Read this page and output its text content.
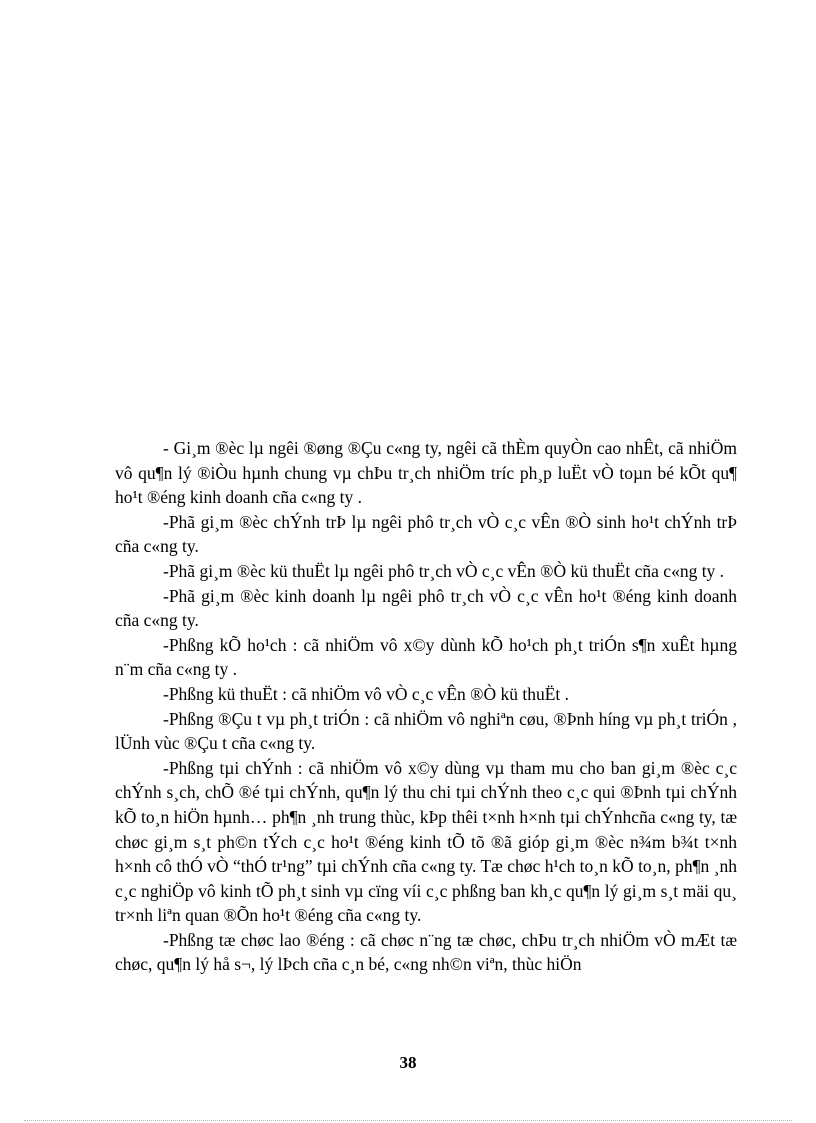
- Gi¸m ®èc lµ ngêi ®øng ®Çu c«ng ty, ngêi cã thÈm quyÒn cao nhÊt, cã nhiÖm vô qu¶n lý ®iÒu hµnh chung vµ chÞu tr¸ch nhiÖm tríc ph¸p luËt vÒ toµn bé kÕt qu¶ ho¹t ®éng kinh doanh cña c«ng ty .

-Phã gi¸m ®èc chÝnh trÞ lµ ngêi phô tr¸ch vÒ c¸c vÊn ®Ò sinh ho¹t chÝnh trÞ cña c«ng ty.

-Phã gi¸m ®èc kü thuËt lµ ngêi phô tr¸ch vÒ c¸c vÊn ®Ò kü thuËt cña c«ng ty .

-Phã gi¸m ®èc kinh doanh lµ ngêi phô tr¸ch vÒ c¸c vÊn ho¹t ®éng kinh doanh cña c«ng ty.

-Phßng kÕ ho¹ch : cã nhiÖm vô x©y dùnh kÕ ho¹ch ph¸t triÓn s¶n xuÊt hµng n¨m cña c«ng ty .

-Phßng kü thuËt : cã nhiÖm vô vÒ c¸c vÊn ®Ò kü thuËt .

-Phßng ®Çu t vµ ph¸t triÓn : cã nhiÖm vô nghiªn cøu, ®Þnh híng vµ ph¸t triÓn , lÜnh vùc ®Çu t cña c«ng ty.

-Phßng tµi chÝnh : cã nhiÖm vô x©y dùng vµ tham mu cho ban gi¸m ®èc c¸c chÝnh s¸ch, chÕ ®é tµi chÝnh, qu¶n lý thu chi tµi chÝnh theo c¸c qui ®Þnh tµi chÝnh kÕ to¸n hiÖn hµnh… ph¶n ¸nh trung thùc, kÞp thêi t×nh h×nh tµi chÝnhcña c«ng ty, tæ chøc gi¸m s¸t ph©n tÝch c¸c ho¹t ®éng kinh tÕ tõ ®ã gióp gi¸m ®èc n¾m b¾t t×nh h×nh cô thÓ vÒ “thÓ tr¹ng” tµi chÝnh cña c«ng ty. Tæ chøc h¹ch to¸n kÕ to¸n, ph¶n ¸nh c¸c nghiÖp vô kinh tÕ ph¸t sinh vµ cïng víi c¸c phßng ban kh¸c qu¶n lý gi¸m s¸t mäi qu¸ tr×nh liªn quan ®Õn ho¹t ®éng cña c«ng ty.

-Phßng tæ chøc lao ®éng : cã chøc n¨ng tæ chøc, chÞu tr¸ch nhiÖm vÒ mÆt tæ chøc, qu¶n lý hå s¬, lý lÞch cña c¸n bé, c«ng nh©n viªn, thùc hiÖn

38
